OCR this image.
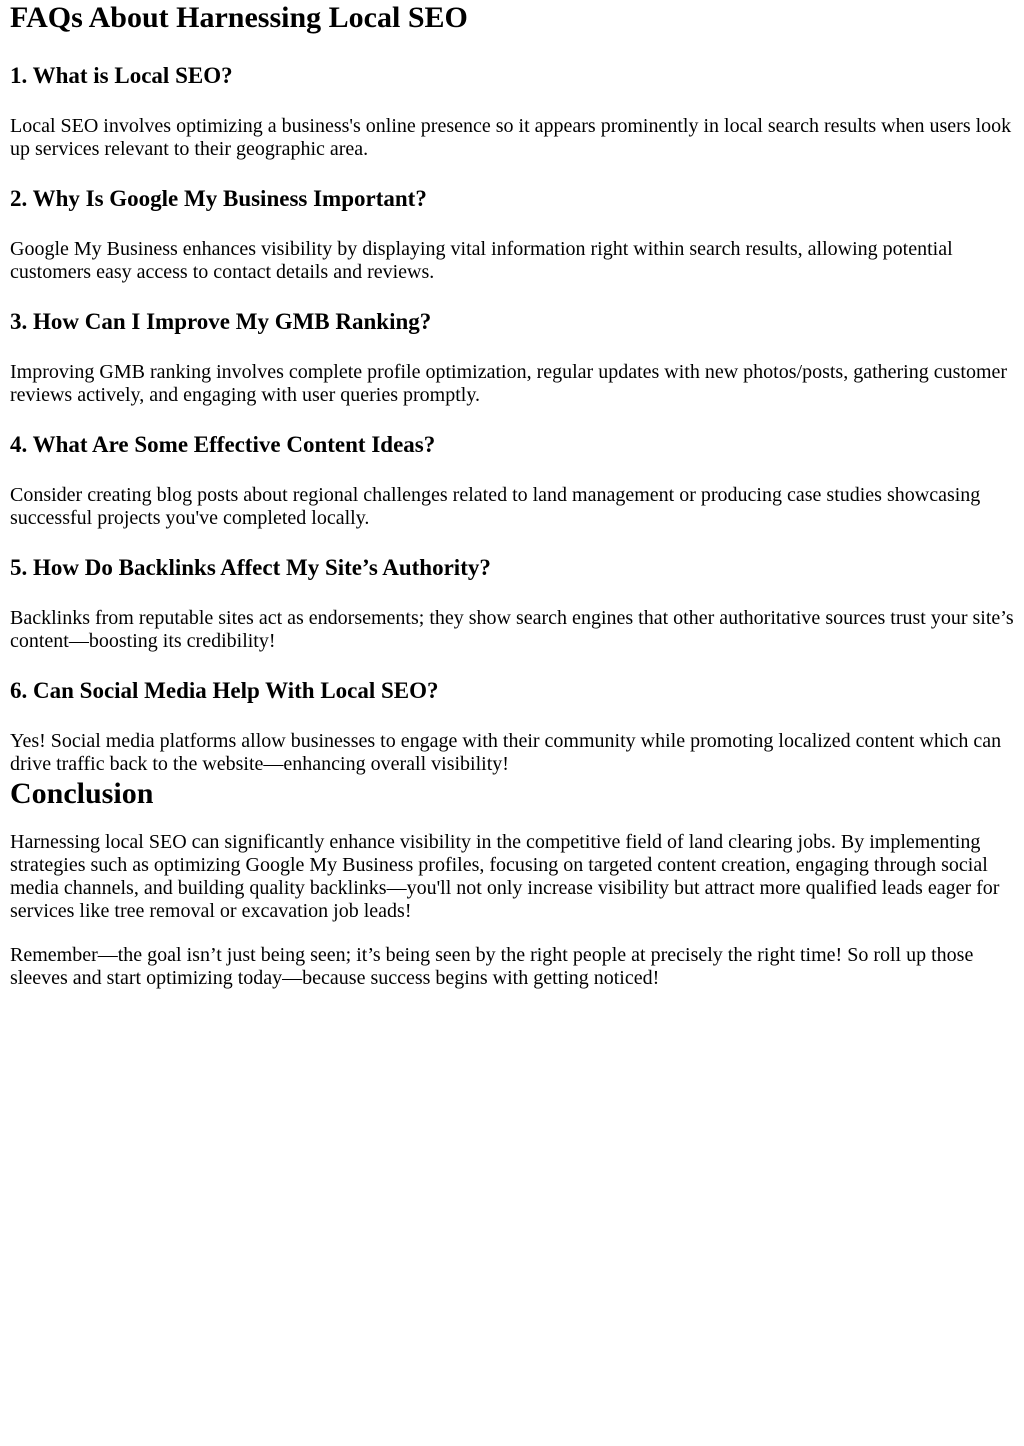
FAQs About Harnessing Local SEO
1. What is Local SEO?

Local SEO involves optimizing a business's online presence so it appears prominently in local search results when users look up services relevant to their geographic area.

2. Why Is Google My Business Important?

Google My Business enhances visibility by displaying vital information right within search results, allowing potential customers easy access to contact details and reviews.

3. How Can I Improve My GMB Ranking?

Improving GMB ranking involves complete profile optimization, regular updates with new photos/posts, gathering customer reviews actively, and engaging with user queries promptly.

4. What Are Some Effective Content Ideas?

Consider creating blog posts about regional challenges related to land management or producing case studies showcasing successful projects you've completed locally.

5. How Do Backlinks Affect My Site’s Authority?

Backlinks from reputable sites act as endorsements; they show search engines that other authoritative sources trust your site’s content—boosting its credibility!

6. Can Social Media Help With Local SEO?

Yes! Social media platforms allow businesses to engage with their community while promoting localized content which can drive traffic back to the website—enhancing overall visibility!

Conclusion

Harnessing local SEO can significantly enhance visibility in the competitive field of land clearing jobs. By implementing strategies such as optimizing Google My Business profiles, focusing on targeted content creation, engaging through social media channels, and building quality backlinks—you'll not only increase visibility but attract more qualified leads eager for services like tree removal or excavation job leads!

Remember—the goal isn’t just being seen; it’s being seen by the right people at precisely the right time! So roll up those sleeves and start optimizing today—because success begins with getting noticed!
